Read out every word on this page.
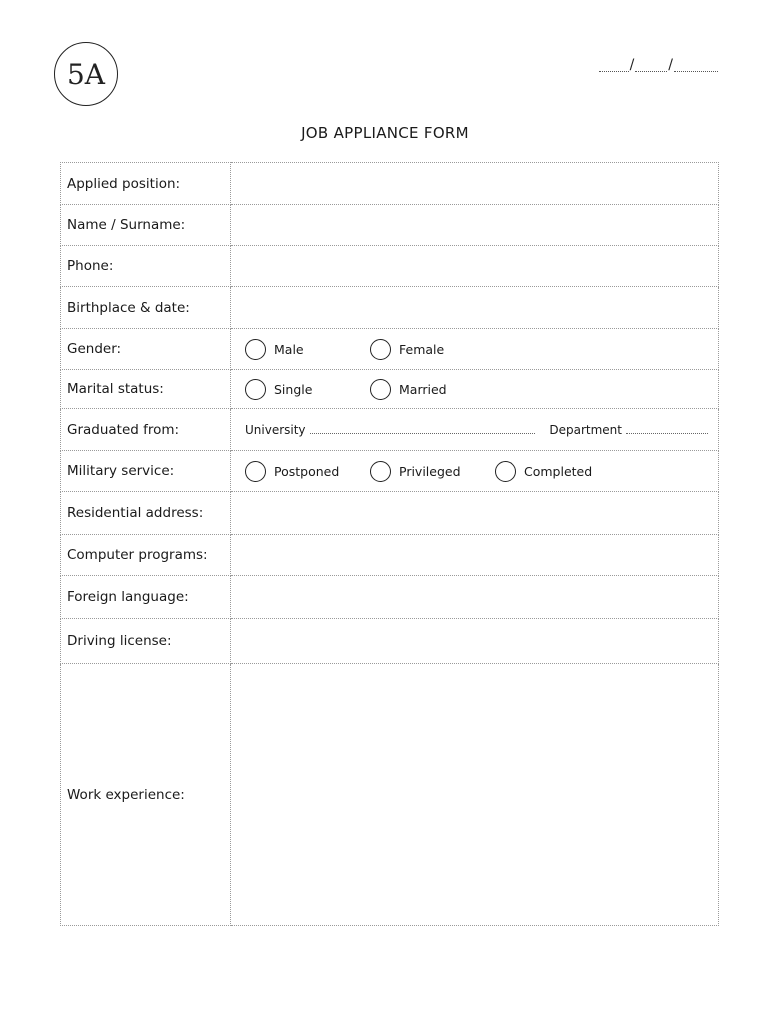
5A	/ /
JOB APPLIANCE FORM
Applied position:	
Name / Surname:	
Phone:	
Birthplace & date:	
Gender:	Male Female

Marital status:	Single Married

Graduated from:	University Department

Military service:	Postponed Privileged Completed

Residential address:	
Computer programs:	
Foreign language:	
Driving license:	
Work experience:	
